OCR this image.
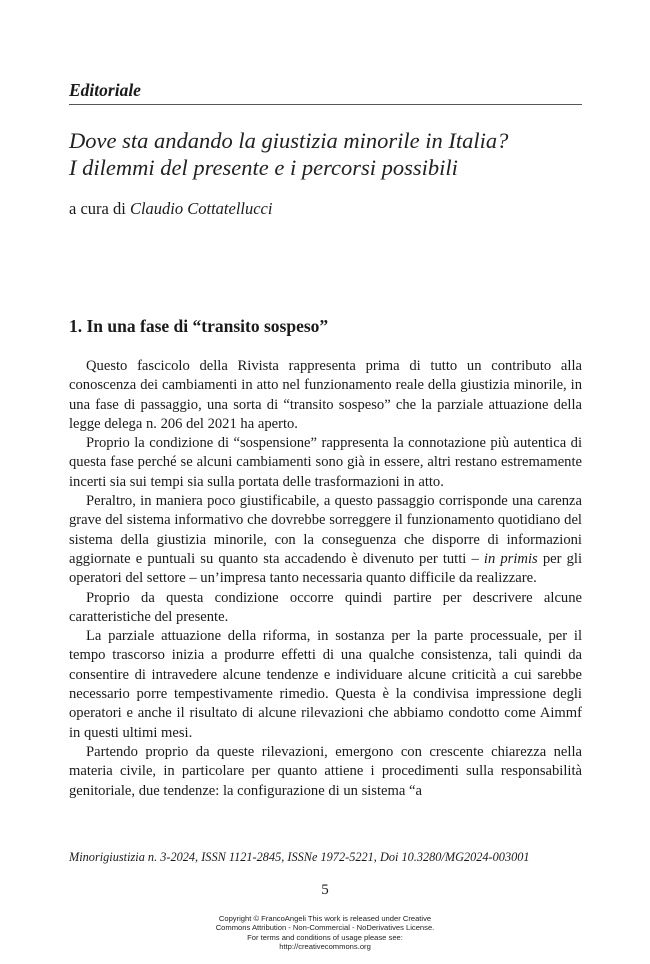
Editoriale
Dove sta andando la giustizia minorile in Italia?
I dilemmi del presente e i percorsi possibili
a cura di Claudio Cottatellucci
1. In una fase di “transito sospeso”

Questo fascicolo della Rivista rappresenta prima di tutto un contributo alla conoscenza dei cambiamenti in atto nel funzionamento reale della giustizia minorile, in una fase di passaggio, una sorta di “transito sospeso” che la parziale attuazione della legge delega n. 206 del 2021 ha aperto.

Proprio la condizione di “sospensione” rappresenta la connotazione più autentica di questa fase perché se alcuni cambiamenti sono già in essere, altri restano estremamente incerti sia sui tempi sia sulla portata delle trasformazioni in atto.

Peraltro, in maniera poco giustificabile, a questo passaggio corrisponde una carenza grave del sistema informativo che dovrebbe sorreggere il funzionamento quotidiano del sistema della giustizia minorile, con la conseguenza che disporre di informazioni aggiornate e puntuali su quanto sta accadendo è divenuto per tutti – in primis per gli operatori del settore – un’impresa tanto necessaria quanto difficile da realizzare.

Proprio da questa condizione occorre quindi partire per descrivere alcune caratteristiche del presente.

La parziale attuazione della riforma, in sostanza per la parte processuale, per il tempo trascorso inizia a produrre effetti di una qualche consistenza, tali quindi da consentire di intravedere alcune tendenze e individuare alcune criticità a cui sarebbe necessario porre tempestivamente rimedio. Questa è la condivisa impressione degli operatori e anche il risultato di alcune rilevazioni che abbiamo condotto come Aimmf in questi ultimi mesi.

Partendo proprio da queste rilevazioni, emergono con crescente chiarezza nella materia civile, in particolare per quanto attiene i procedimenti sulla responsabilità genitoriale, due tendenze: la configurazione di un sistema “a

Minorigiustizia n. 3-2024, ISSN 1121-2845, ISSNe 1972-5221, Doi 10.3280/MG2024-003001
5
Copyright © FrancoAngeli This work is released under Creative
Commons Attribution - Non-Commercial - NoDerivatives License.
For terms and conditions of usage please see:
http://creativecommons.org
